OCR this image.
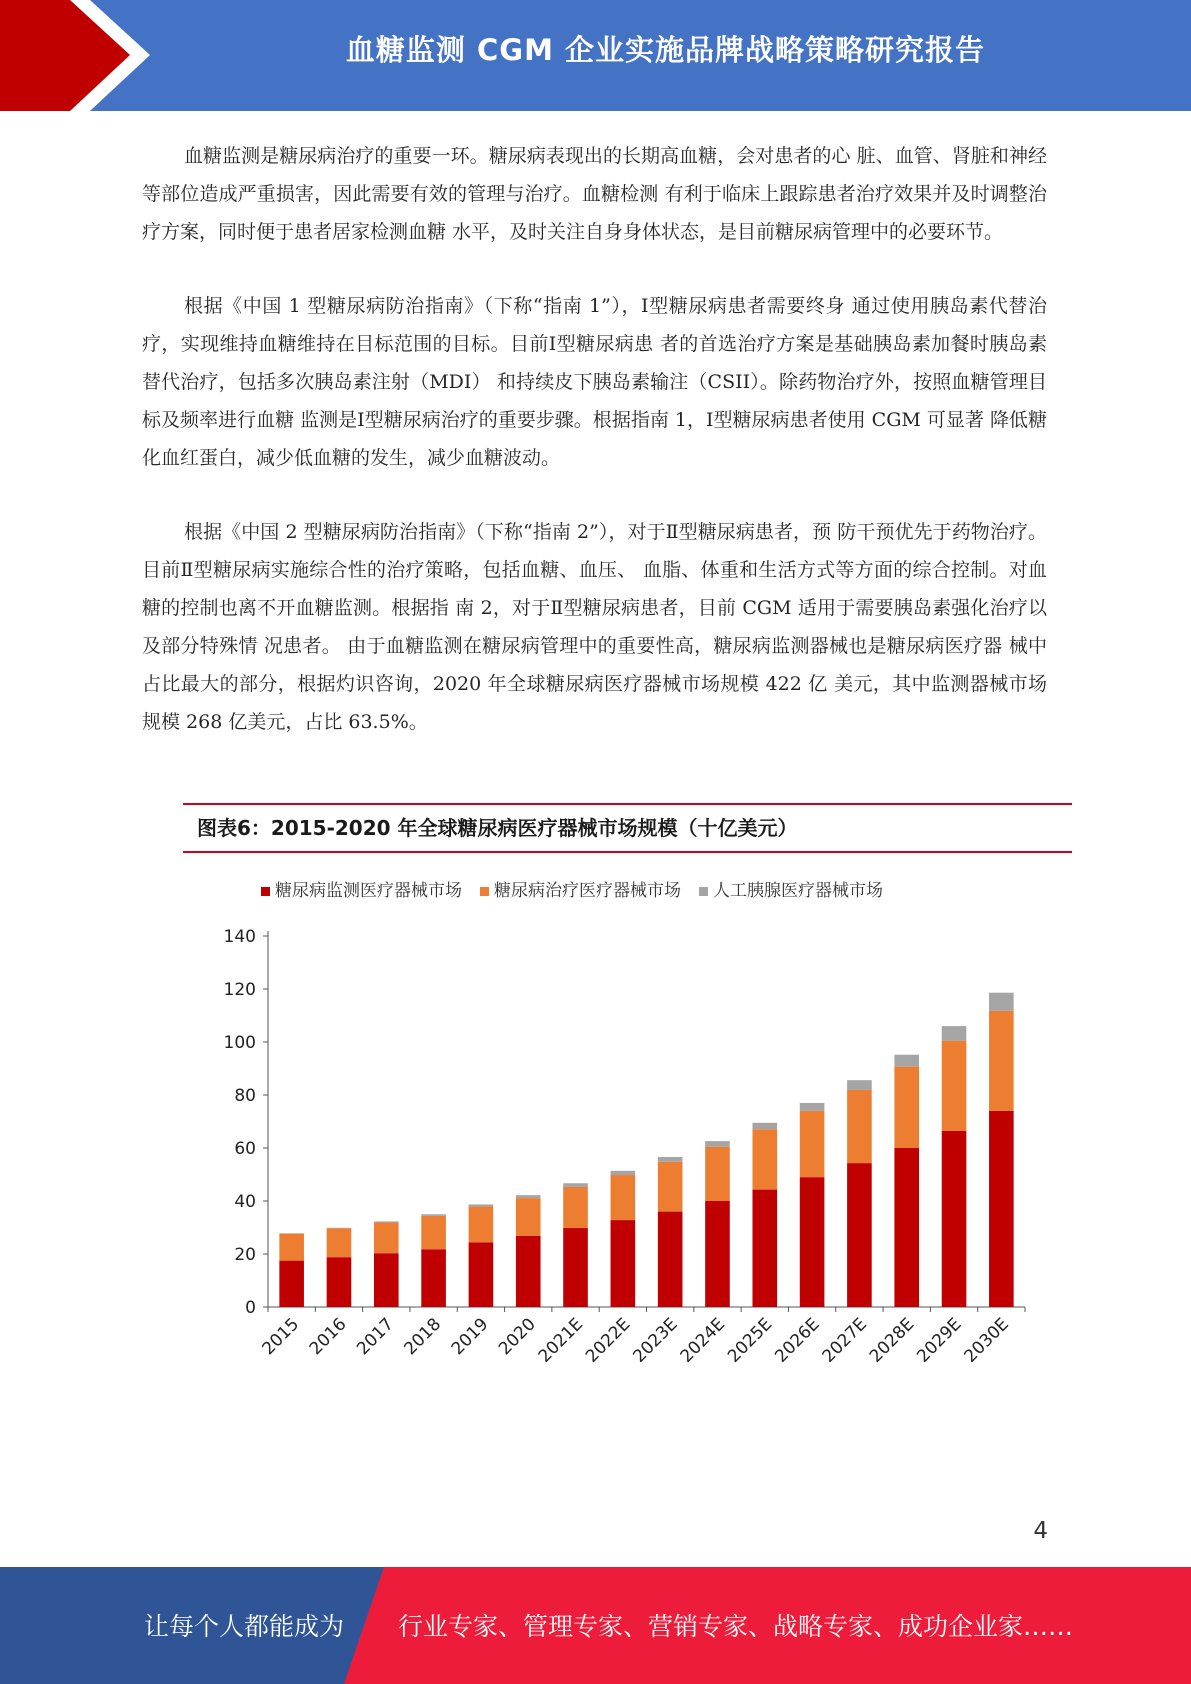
血糖监测 CGM 企业实施品牌战略策略研究报告

血糖监测是糖尿病治疗的重要一环。糖尿病表现出的长期高血糖，会对患者的心 脏、血管、肾脏和神经等部位造成严重损害，因此需要有效的管理与治疗。血糖检测 有利于临床上跟踪患者治疗效果并及时调整治疗方案，同时便于患者居家检测血糖 水平，及时关注自身身体状态，是目前糖尿病管理中的必要环节。

根据《中国 1 型糖尿病防治指南》（下称“指南 1”），Ⅰ型糖尿病患者需要终身 通过使用胰岛素代替治疗，实现维持血糖维持在目标范围的目标。目前Ⅰ型糖尿病患 者的首选治疗方案是基础胰岛素加餐时胰岛素替代治疗，包括多次胰岛素注射（MDI） 和持续皮下胰岛素输注（CSII）。除药物治疗外，按照血糖管理目标及频率进行血糖 监测是Ⅰ型糖尿病治疗的重要步骤。根据指南 1，Ⅰ型糖尿病患者使用 CGM 可显著 降低糖化血红蛋白，减少低血糖的发生，减少血糖波动。

根据《中国 2 型糖尿病防治指南》（下称“指南 2”），对于Ⅱ型糖尿病患者，预 防干预优先于药物治疗。目前Ⅱ型糖尿病实施综合性的治疗策略，包括血糖、血压、 血脂、体重和生活方式等方面的综合控制。对血糖的控制也离不开血糖监测。根据指 南 2，对于Ⅱ型糖尿病患者，目前 CGM 适用于需要胰岛素强化治疗以及部分特殊情 况患者。 由于血糖监测在糖尿病管理中的重要性高，糖尿病监测器械也是糖尿病医疗器 械中占比最大的部分，根据灼识咨询，2020 年全球糖尿病医疗器械市场规模 422 亿 美元，其中监测器械市场规模 268 亿美元，占比 63.5%。

图表6：2015-2020 年全球糖尿病医疗器械市场规模（十亿美元）
糖尿病监测医疗器械市场 糖尿病治疗医疗器械市场 人工胰腺医疗器械市场
0
20
40
60
80
100
120
140
2015 2016 2017 2018 2019 2020
2021E
2022E
2023E
2024E
2025E
2026E
2027E
2028E
2029E
2030E
4
让每个人都能成为 行业专家、管理专家、营销专家、战略专家、成功企业家……
